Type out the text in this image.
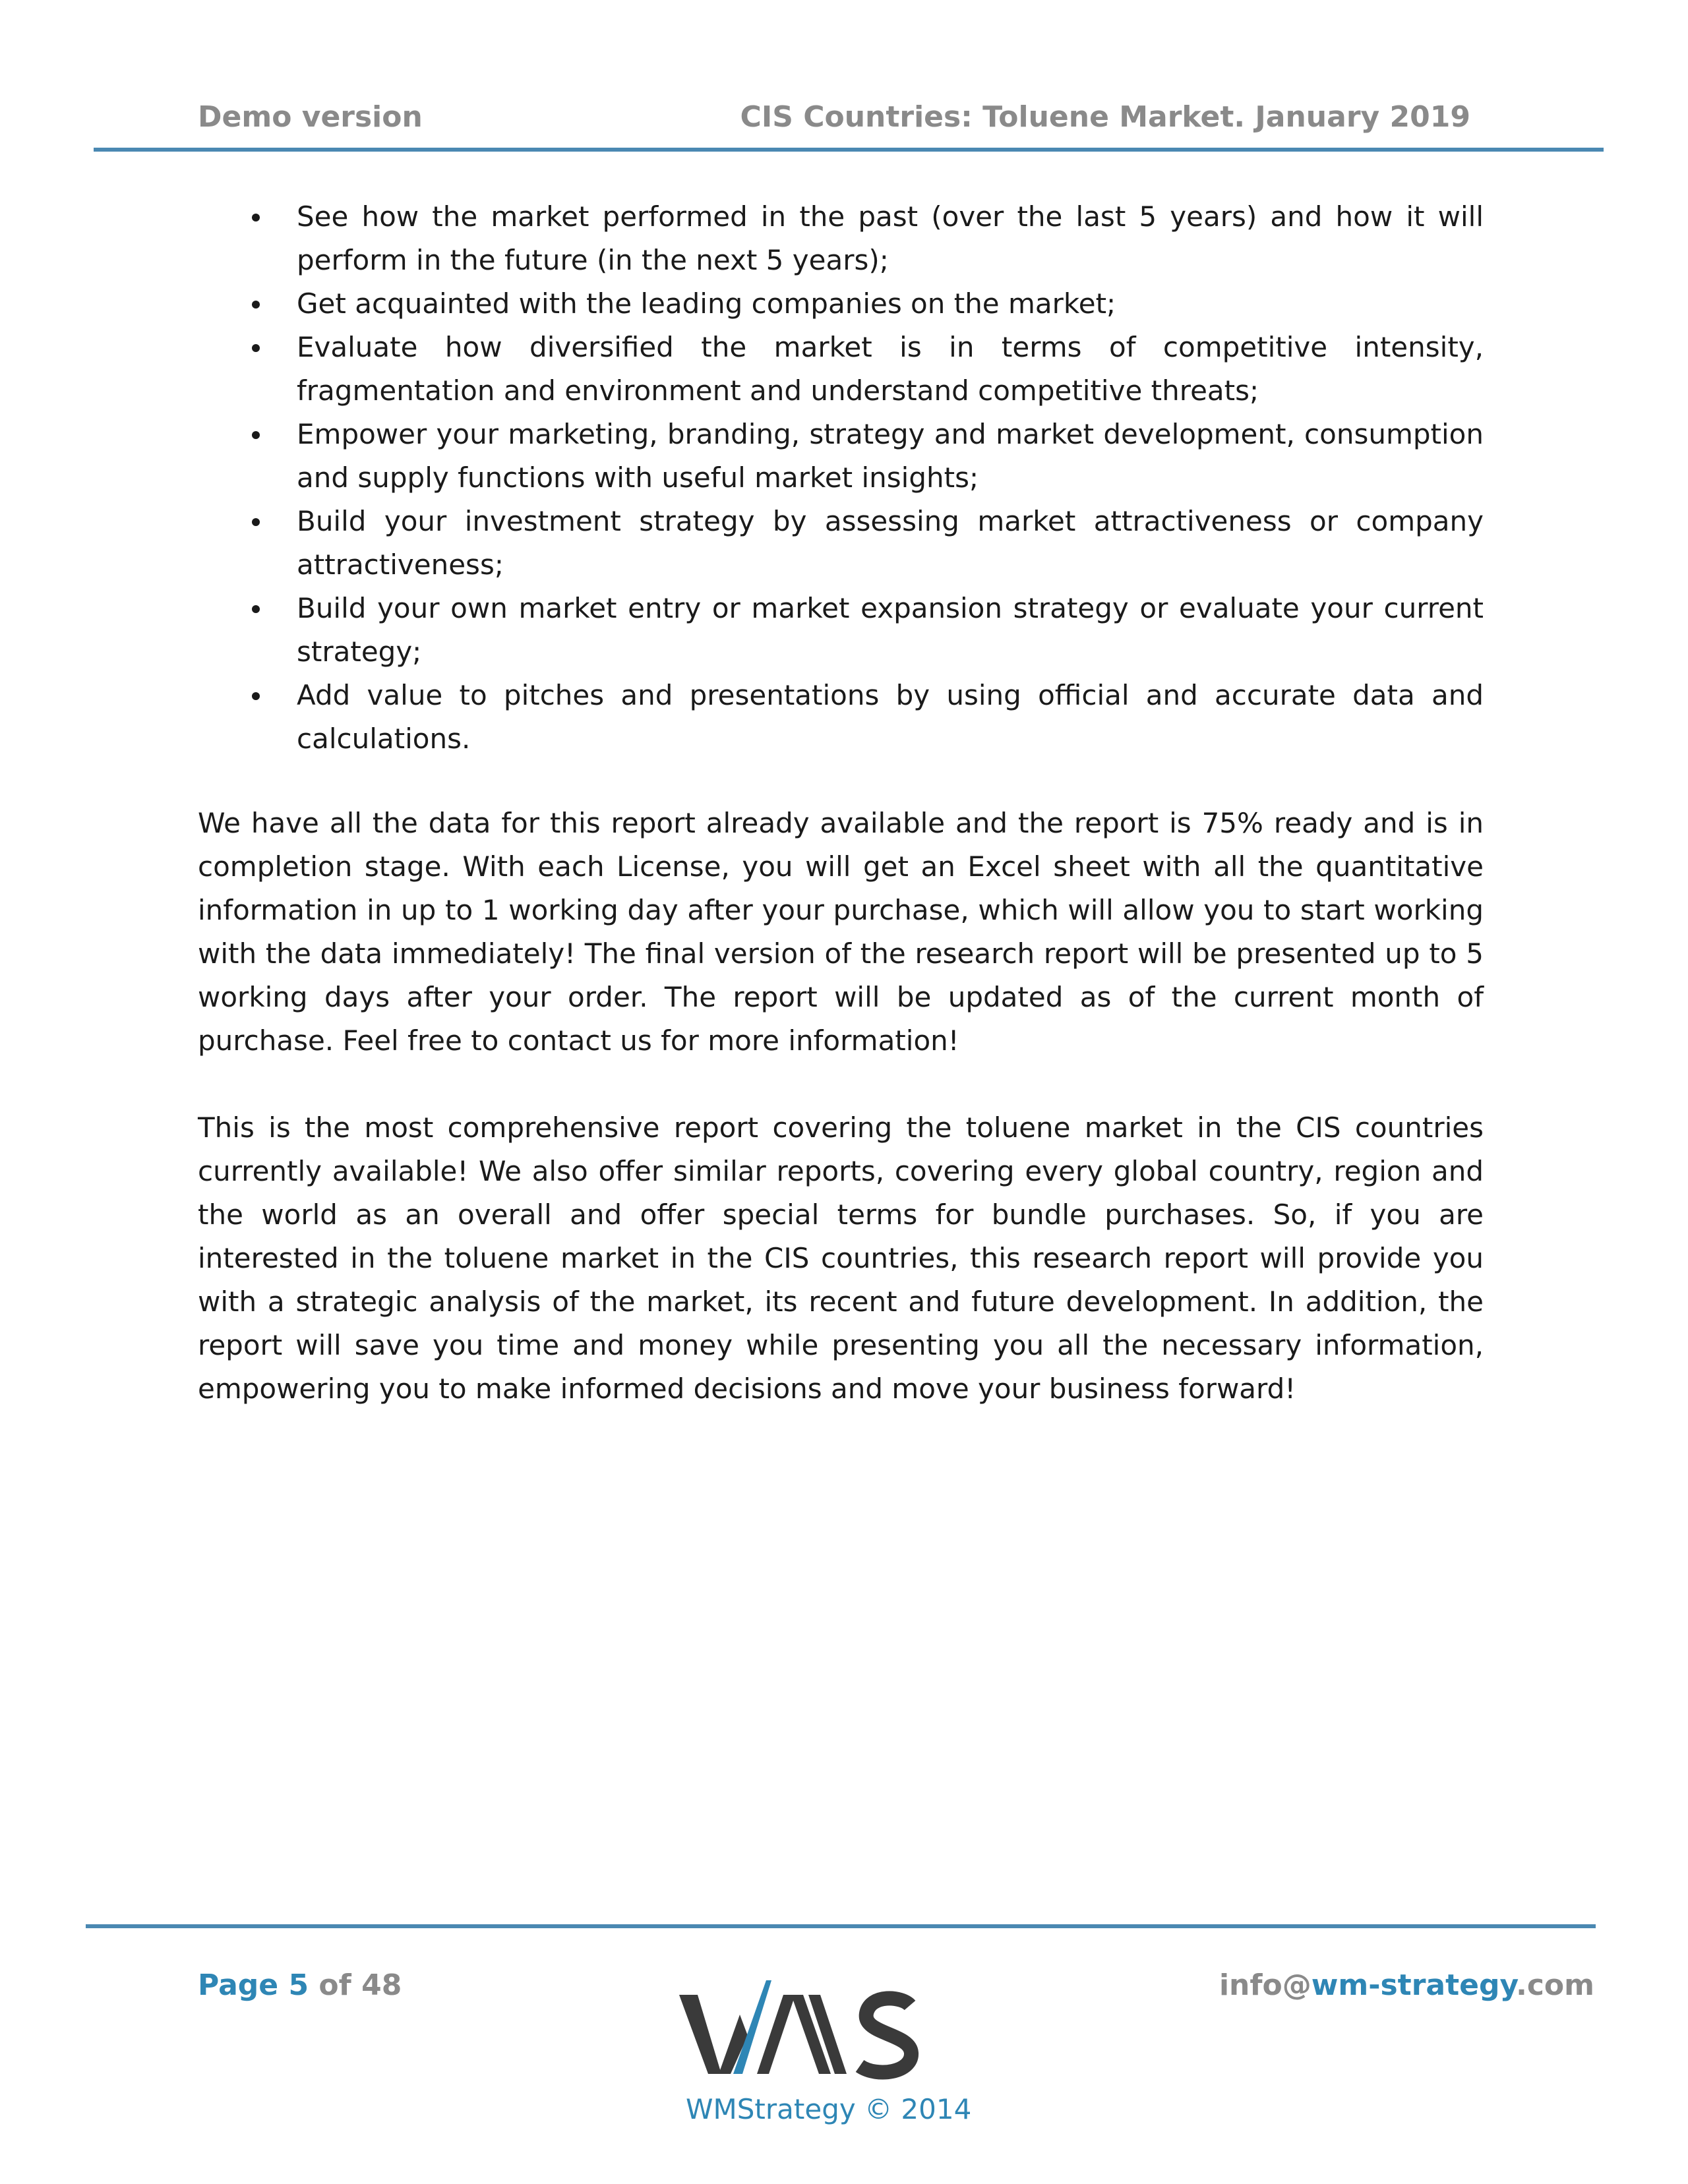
Demo version	CIS Countries: Toluene Market. January 2019
See how the market performed in the past (over the last 5 years) and how it will perform in the future (in the next 5 years);
Get acquainted with the leading companies on the market;
Evaluate how diversified the market is in terms of competitive intensity, fragmentation and environment and understand competitive threats;
Empower your marketing, branding, strategy and market development, consumption and supply functions with useful market insights;
Build your investment strategy by assessing market attractiveness or company attractiveness;
Build your own market entry or market expansion strategy or evaluate your current strategy;
Add value to pitches and presentations by using official and accurate data and calculations.

We have all the data for this report already available and the report is 75% ready and is in completion stage. With each License, you will get an Excel sheet with all the quantitative information in up to 1 working day after your purchase, which will allow you to start working with the data immediately! The final version of the research report will be presented up to 5 working days after your order. The report will be updated as of the current month of purchase. Feel free to contact us for more information!

This is the most comprehensive report covering the toluene market in the CIS countries currently available! We also offer similar reports, covering every global country, region and the world as an overall and offer special terms for bundle purchases. So, if you are interested in the toluene market in the CIS countries, this research report will provide you with a strategic analysis of the market, its recent and future development. In addition, the report will save you time and money while presenting you all the necessary information, empowering you to make informed decisions and move your business forward!

Page 5 of 48	info@wm-strategy.com
WMS
WMStrategy © 2014
